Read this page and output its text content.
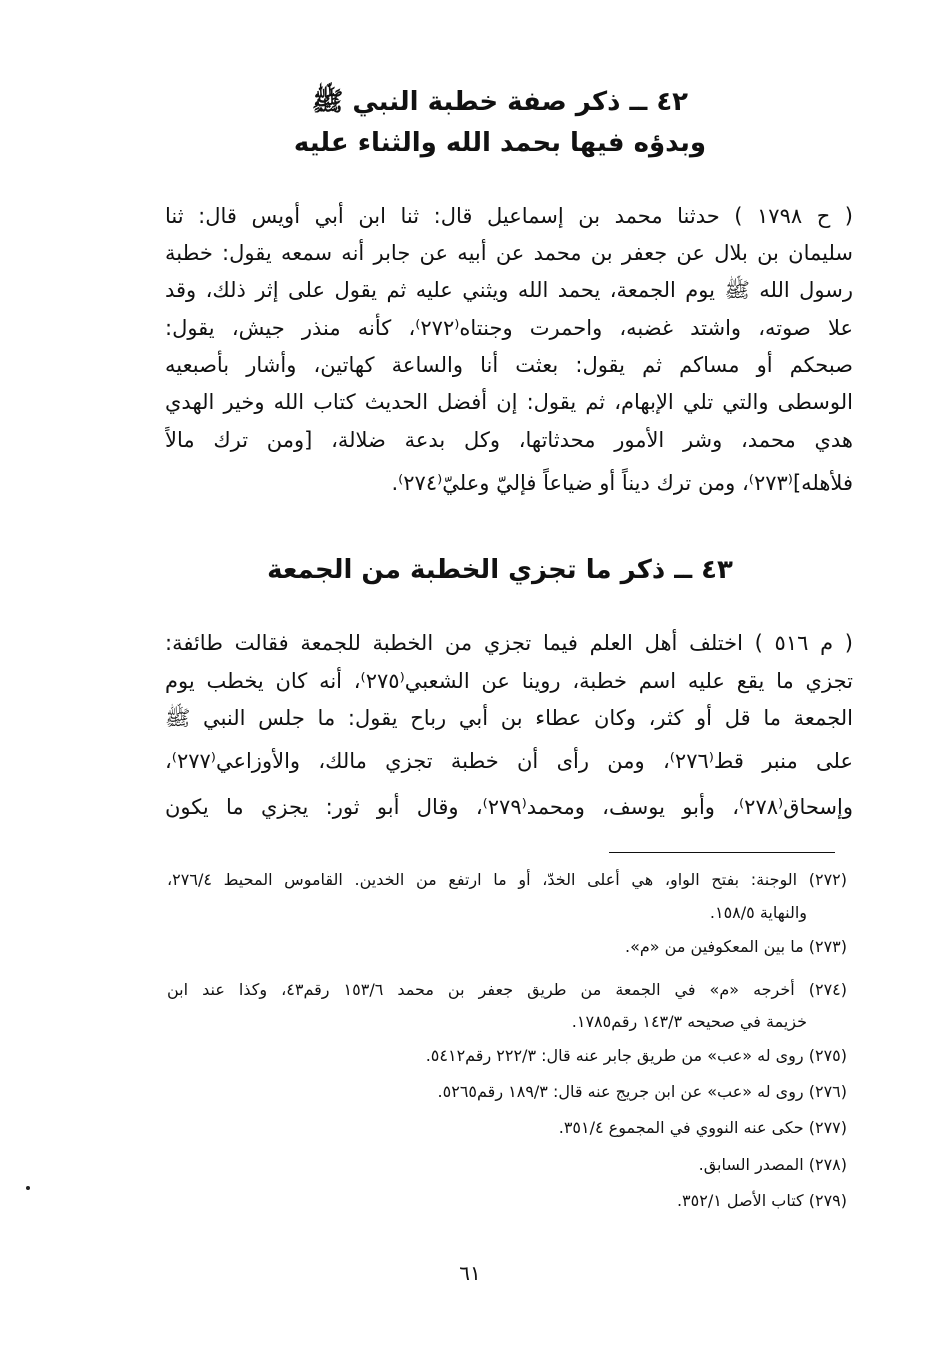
٤٢ ــ ذكر صفة خطبة النبي ﷺ
وبدؤه فيها بحمد الله والثناء عليه
( ح ١٧٩٨ ) حدثنا محمد بن إسماعيل قال: ثنا ابن أبي أويس قال: ثنا
سليمان بن بلال عن جعفر بن محمد عن أبيه عن جابر أنه سمعه يقول: خطبة
رسول الله ﷺ يوم الجمعة، يحمد الله ويثني عليه ثم يقول على إثر ذلك، وقد
علا صوته، واشتد غضبه، واحمرت وجنتاه⁽٢٧٢⁾، كأنه منذر جيش، يقول:
صبحكم أو مساكم ثم يقول: بعثت أنا والساعة كهاتين، وأشار بأصبعيه
الوسطى والتي تلي الإبهام، ثم يقول: إن أفضل الحديث كتاب الله وخير الهدي
هدي محمد، وشر الأمور محدثاتها، وكل بدعة ضلالة، [ومن ترك مالاً
فلأهله]⁽٢٧٣⁾، ومن ترك ديناً أو ضياعاً فإليّ وعليّ⁽٢٧٤⁾.
٤٣ ــ ذكر ما تجزي الخطبة من الجمعة
( م ٥١٦ ) اختلف أهل العلم فيما تجزي من الخطبة للجمعة فقالت طائفة:
تجزي ما يقع عليه اسم خطبة، روينا عن الشعبي⁽٢٧٥⁾، أنه كان يخطب يوم
الجمعة ما قل أو كثر، وكان عطاء بن أبي رباح يقول: ما جلس النبي ﷺ
على منبر قط⁽٢٧٦⁾، ومن رأى أن خطبة تجزي مالك، والأوزاعي⁽٢٧٧⁾،
وإسحاق⁽٢٧٨⁾، وأبو يوسف، ومحمد⁽٢٧٩⁾، وقال أبو ثور: يجزي ما يكون
(٢٧٢) الوجنة: بفتح الواو، هي أعلى الخدّ، أو ما ارتفع من الخدين. القاموس المحيط ٢٧٦/٤،
والنهاية ١٥٨/٥.
(٢٧٣) ما بين المعكوفين من «م».
(٢٧٤) أخرجه «م» في الجمعة من طريق جعفر بن محمد ١٥٣/٦ رقم٤٣، وكذا عند ابن
خزيمة في صحيحه ١٤٣/٣ رقم١٧٨٥.
(٢٧٥) روى له «عب» من طريق جابر عنه قال: ٢٢٢/٣ رقم٥٤١٢.
(٢٧٦) روى له «عب» عن ابن جريج عنه قال: ١٨٩/٣ رقم٥٢٦٥.
(٢٧٧) حكى عنه النووي في المجموع ٣٥١/٤.
(٢٧٨) المصدر السابق.
(٢٧٩) كتاب الأصل ٣٥٢/١.
٦١
